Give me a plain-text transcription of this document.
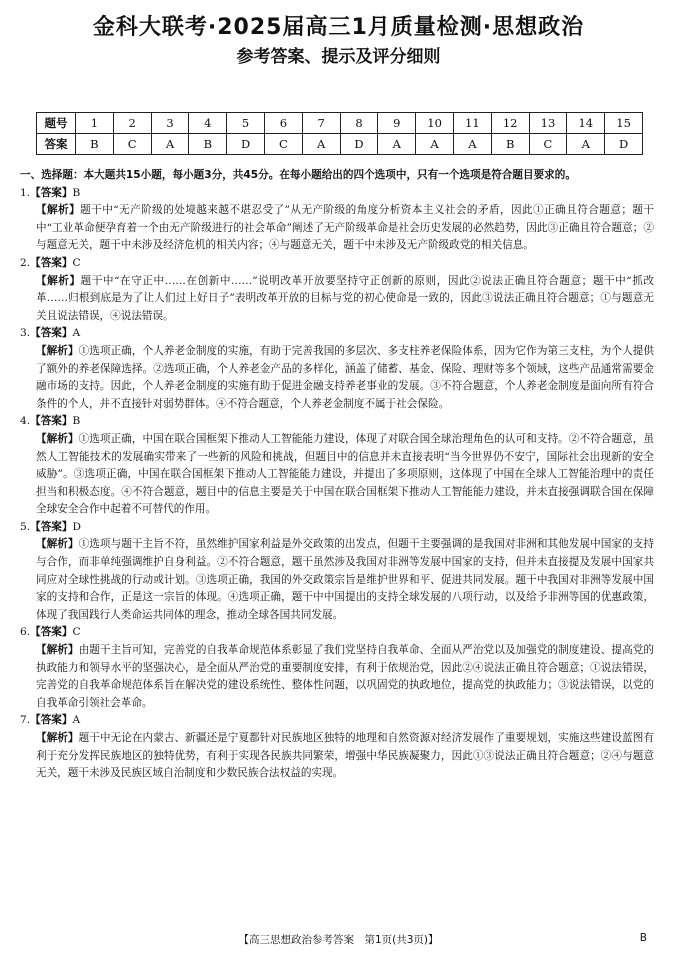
金科大联考·2025届高三1月质量检测·思想政治
参考答案、提示及评分细则
题号	1	2	3	4	5	6	7	8	9	10	11	12	13	14	15
答案	B	C	A	B	D	C	A	D	A	A	A	B	C	A	D

一、选择题：本大题共15小题，每小题3分，共45分。在每小题给出的四个选项中，只有一个选项是符合题目要求的。

1.【答案】B

【解析】题干中“无产阶级的处境越来越不堪忍受了”从无产阶级的角度分析资本主义社会的矛盾，因此①正确且符合题意；题干中“工业革命便孕育着一个由无产阶级进行的社会革命”阐述了无产阶级革命是社会历史发展的必然趋势，因此③正确且符合题意；②与题意无关，题干中未涉及经济危机的相关内容；④与题意无关，题干中未涉及无产阶级政党的相关信息。

2.【答案】C

【解析】题干中“在守正中……在创新中……”说明改革开放要坚持守正创新的原则，因此②说法正确且符合题意；题干中“抓改革……归根到底是为了让人们过上好日子”表明改革开放的目标与党的初心使命是一致的，因此③说法正确且符合题意；①与题意无关且说法错误，④说法错误。

3.【答案】A

【解析】①选项正确，个人养老金制度的实施，有助于完善我国的多层次、多支柱养老保险体系，因为它作为第三支柱，为个人提供了额外的养老保障选择。②选项正确，个人养老金产品的多样化，涵盖了储蓄、基金、保险、理财等多个领域，这些产品通常需要金融市场的支持。因此，个人养老金制度的实施有助于促进金融支持养老事业的发展。③不符合题意，个人养老金制度是面向所有符合条件的个人，并不直接针对弱势群体。④不符合题意，个人养老金制度不属于社会保险。

4.【答案】B

【解析】①选项正确，中国在联合国框架下推动人工智能能力建设，体现了对联合国全球治理角色的认可和支持。②不符合题意，虽然人工智能技术的发展确实带来了一些新的风险和挑战，但题目中的信息并未直接表明“当今世界仍不安宁，国际社会出现新的安全威胁”。③选项正确，中国在联合国框架下推动人工智能能力建设，并提出了多项原则，这体现了中国在全球人工智能治理中的责任担当和积极态度。④不符合题意，题目中的信息主要是关于中国在联合国框架下推动人工智能能力建设，并未直接强调联合国在保障全球安全合作中起着不可替代的作用。

5.【答案】D

【解析】①选项与题干主旨不符，虽然维护国家利益是外交政策的出发点，但题干主要强调的是我国对非洲和其他发展中国家的支持与合作，而非单纯强调维护自身利益。②不符合题意，题干虽然涉及我国对非洲等发展中国家的支持，但并未直接提及发展中国家共同应对全球性挑战的行动或计划。③选项正确，我国的外交政策宗旨是维护世界和平、促进共同发展。题干中我国对非洲等发展中国家的支持和合作，正是这一宗旨的体现。④选项正确，题干中中国提出的支持全球发展的八项行动，以及给予非洲等国的优惠政策，体现了我国践行人类命运共同体的理念，推动全球各国共同发展。

6.【答案】C

【解析】由题干主旨可知，完善党的自我革命规范体系彰显了我们党坚持自我革命、全面从严治党以及加强党的制度建设、提高党的执政能力和领导水平的坚强决心，是全面从严治党的重要制度安排，有利于依规治党，因此②④说法正确且符合题意；①说法错误，完善党的自我革命规范体系旨在解决党的建设系统性、整体性问题，以巩固党的执政地位，提高党的执政能力；③说法错误，以党的自我革命引领社会革命。

7.【答案】A

【解析】题干中无论在内蒙古、新疆还是宁夏都针对民族地区独特的地理和自然资源对经济发展作了重要规划，实施这些建设蓝图有利于充分发挥民族地区的独特优势，有利于实现各民族共同繁荣，增强中华民族凝聚力，因此①③说法正确且符合题意；②④与题意无关，题干未涉及民族区域自治制度和少数民族合法权益的实现。

【高三思想政治参考答案　第1页(共3页)】	B
